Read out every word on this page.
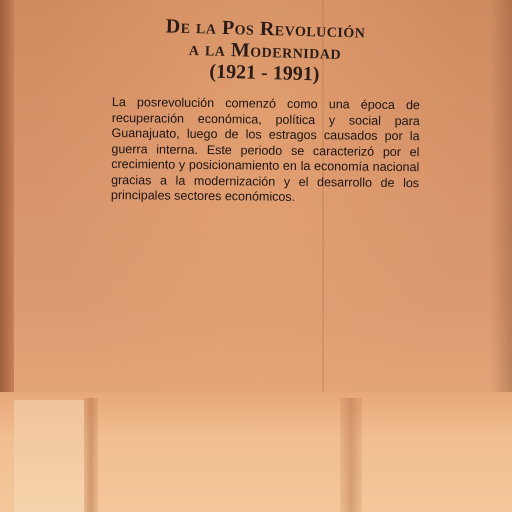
De la Pos Revolución
a la Modernidad
(1921 - 1991)
La posrevolución comenzó como una época de recuperación económica, política y social para Guanajuato, luego de los estragos causados por la guerra interna. Este periodo se caracterizó por el crecimiento y posicionamiento en la economía nacional gracias a la modernización y el desarrollo de los principales sectores económicos.
